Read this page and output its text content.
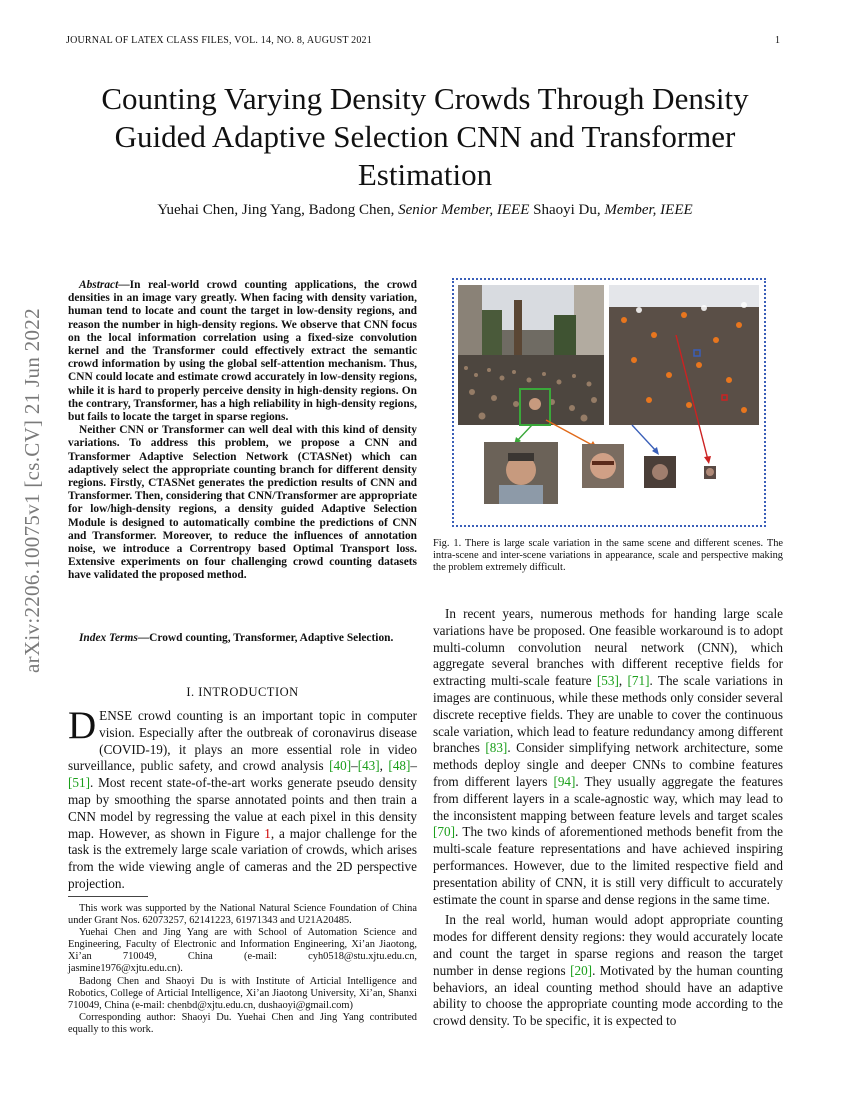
JOURNAL OF LATEX CLASS FILES, VOL. 14, NO. 8, AUGUST 2021	1
arXiv:2206.10075v1 [cs.CV] 21 Jun 2022
Counting Varying Density Crowds Through Density Guided Adaptive Selection CNN and Transformer Estimation
Yuehai Chen, Jing Yang, Badong Chen, Senior Member, IEEE Shaoyi Du, Member, IEEE

Abstract—In real-world crowd counting applications, the crowd densities in an image vary greatly. When facing with density variation, human tend to locate and count the target in low-density regions, and reason the number in high-density regions. We observe that CNN focus on the local information correlation using a fixed-size convolution kernel and the Transformer could effectively extract the semantic crowd information by using the global self-attention mechanism. Thus, CNN could locate and estimate crowd accurately in low-density regions, while it is hard to properly perceive density in high-density regions. On the contrary, Transformer, has a high reliability in high-density regions, but fails to locate the target in sparse regions.

Neither CNN or Transformer can well deal with this kind of density variations. To address this problem, we propose a CNN and Transformer Adaptive Selection Network (CTASNet) which can adaptively select the appropriate counting branch for different density regions. Firstly, CTASNet generates the prediction results of CNN and Transformer. Then, considering that CNN/Transformer are appropriate for low/high-density regions, a density guided Adaptive Selection Module is designed to automatically combine the predictions of CNN and Transformer. Moreover, to reduce the influences of annotation noise, we introduce a Correntropy based Optimal Transport loss. Extensive experiments on four challenging crowd counting datasets have validated the proposed method.

Index Terms—Crowd counting, Transformer, Adaptive Selection.
I. INTRODUCTION
DENSE crowd counting is an important topic in computer vision. Especially after the outbreak of coronavirus disease (COVID-19), it plays an more essential role in video surveillance, public safety, and crowd analysis [40]–[43], [48]–[51]. Most recent state-of-the-art works generate pseudo density map by smoothing the sparse annotated points and then train a CNN model by regressing the value at each pixel in this density map. However, as shown in Figure 1, a major challenge for the task is the extremely large scale variation of crowds, which arises from the wide viewing angle of cameras and the 2D perspective projection.

This work was supported by the National Natural Science Foundation of China under Grant Nos. 62073257, 62141223, 61971343 and U21A20485.

Yuehai Chen and Jing Yang are with School of Automation Science and Engineering, Faculty of Electronic and Information Engineering, Xi’an Jiaotong, Xi’an 710049, China (e-mail: cyh0518@stu.xjtu.edu.cn, jasmine1976@xjtu.edu.cn).

Badong Chen and Shaoyi Du is with Institute of Articial Intelligence and Robotics, College of Articial Intelligence, Xi’an Jiaotong University, Xi’an, Shanxi 710049, China (e-mail: chenbd@xjtu.edu.cn, dushaoyi@gmail.com)

Corresponding author: Shaoyi Du. Yuehai Chen and Jing Yang contributed equally to this work.

Fig. 1. There is large scale variation in the same scene and different scenes. The intra-scene and inter-scene variations in appearance, scale and perspective making the problem extremely difficult.

In recent years, numerous methods for handing large scale variations have be proposed. One feasible workaround is to adopt multi-column convolution neural network (CNN), which aggregate several branches with different receptive fields for extracting multi-scale feature [53], [71]. The scale variations in images are continuous, while these methods only consider several discrete receptive fields. They are unable to cover the continuous scale variation, which lead to feature redundancy among different branches [83]. Consider simplifying network architecture, some methods deploy single and deeper CNNs to combine features from different layers [94]. They usually aggregate the features from different layers in a scale-agnostic way, which may lead to the inconsistent mapping between feature levels and target scales [70]. The two kinds of aforementioned methods benefit from the multi-scale feature representations and have achieved inspiring performances. However, due to the limited respective field and presentation ability of CNN, it is still very difficult to accurately estimate the count in sparse and dense regions in the same time.

In the real world, human would adopt appropriate counting modes for different density regions: they would accurately locate and count the target in sparse regions and reason the target number in dense regions [20]. Motivated by the human counting behaviors, an ideal counting method should have an adaptive ability to choose the appropriate counting mode according to the crowd density. To be specific, it is expected to
